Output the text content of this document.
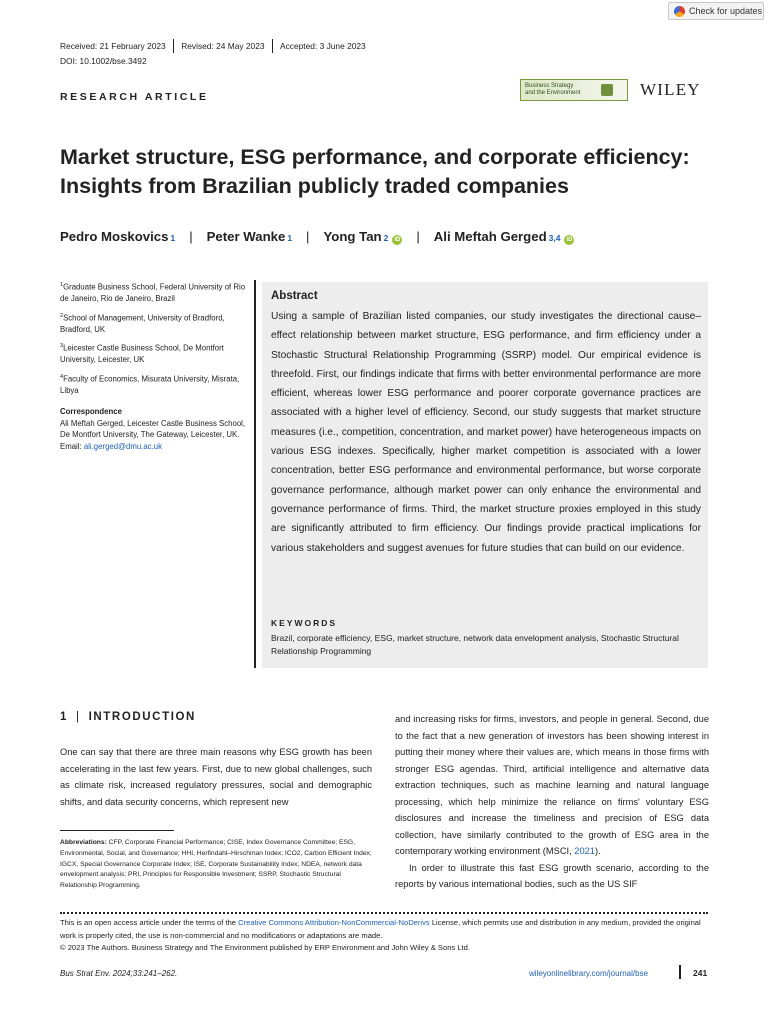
Check for updates
Received: 21 February 2023 Revised: 24 May 2023 Accepted: 3 June 2023
DOI: 10.1002/bse.3492
RESEARCH ARTICLE
Business Strategy
and the Environment	WILEY
Market structure, ESG performance, and corporate efficiency:
Insights from Brazilian publicly traded companies
Pedro Moskovics 1 | Peter Wanke 1 | Yong Tan 2	iD | Ali Meftah Gerged 3,4	iD

$^1$Graduate Business School, Federal University of Rio de Janeiro, Rio de Janeiro, Brazil

$^2$School of Management, University of Bradford, Bradford, UK

$^3$Leicester Castle Business School, De Montfort University, Leicester, UK

$^4$Faculty of Economics, Misurata University, Misrata, Libya

Correspondence

Ali Meftah Gerged, Leicester Castle Business School, De Montfort University, The Gateway, Leicester, UK.
Email: ali.gerged@dmu.ac.uk

Abstract
Using a sample of Brazilian listed companies, our study investigates the directional cause–effect relationship between market structure, ESG performance, and firm efficiency under a Stochastic Structural Relationship Programming (SSRP) model. Our empirical evidence is threefold. First, our findings indicate that firms with better environmental performance are more efficient, whereas lower ESG performance and poorer corporate governance practices are associated with a higher level of efficiency. Second, our study suggests that market structure measures (i.e., competition, concentration, and market power) have heterogeneous impacts on various ESG indexes. Specifically, higher market competition is associated with a lower concentration, better ESG performance and environmental performance, but worse corporate governance performance, although market power can only enhance the environmental and governance performance of firms. Third, the market structure proxies employed in this study are significantly attributed to firm efficiency. Our findings provide practical implications for various stakeholders and suggest avenues for future studies that can build on our evidence.
KEYWORDS
Brazil, corporate efficiency, ESG, market structure, network data envelopment analysis, Stochastic Structural Relationship Programming
1 | INTRODUCTION
One can say that there are three main reasons why ESG growth has been accelerating in the last few years. First, due to new global challenges, such as climate risk, increased regulatory pressures, social and demographic shifts, and data security concerns, which represent new
and increasing risks for firms, investors, and people in general. Second, due to the fact that a new generation of investors has been showing interest in putting their money where their values are, which means in those firms with stronger ESG agendas. Third, artificial intelligence and alternative data extraction techniques, such as machine learning and natural language processing, which help minimize the reliance on firms' voluntary ESG disclosures and increase the timeliness and precision of ESG data collection, have similarly contributed to the growth of ESG area in the contemporary working environment (MSCI, 2021).
In order to illustrate this fast ESG growth scenario, according to the reports by various international bodies, such as the US SIF
Abbreviations: CFP, Corporate Financial Performance; CISE, Index Governance Committee; ESG, Environmental, Social, and Governance; HHI, Herfindahl–Hirschman Index; ICO2, Carbon Efficient Index; IGCX, Special Governance Corporate Index; ISE, Corporate Sustainability Index; NDEA, network data envelopment analysis; PRI, Principles for Responsible Investment; SSRP, Stochastic Structural Relationship Programming.
This is an open access article under the terms of the Creative Commons Attribution-NonCommercial-NoDerivs License, which permits use and distribution in any medium, provided the original work is properly cited, the use is non-commercial and no modifications or adaptations are made.
© 2023 The Authors. Business Strategy and The Environment published by ERP Environment and John Wiley & Sons Ltd.
Bus Strat Env. 2024;33:241–262.	wileyonlinelibrary.com/journal/bse	241
